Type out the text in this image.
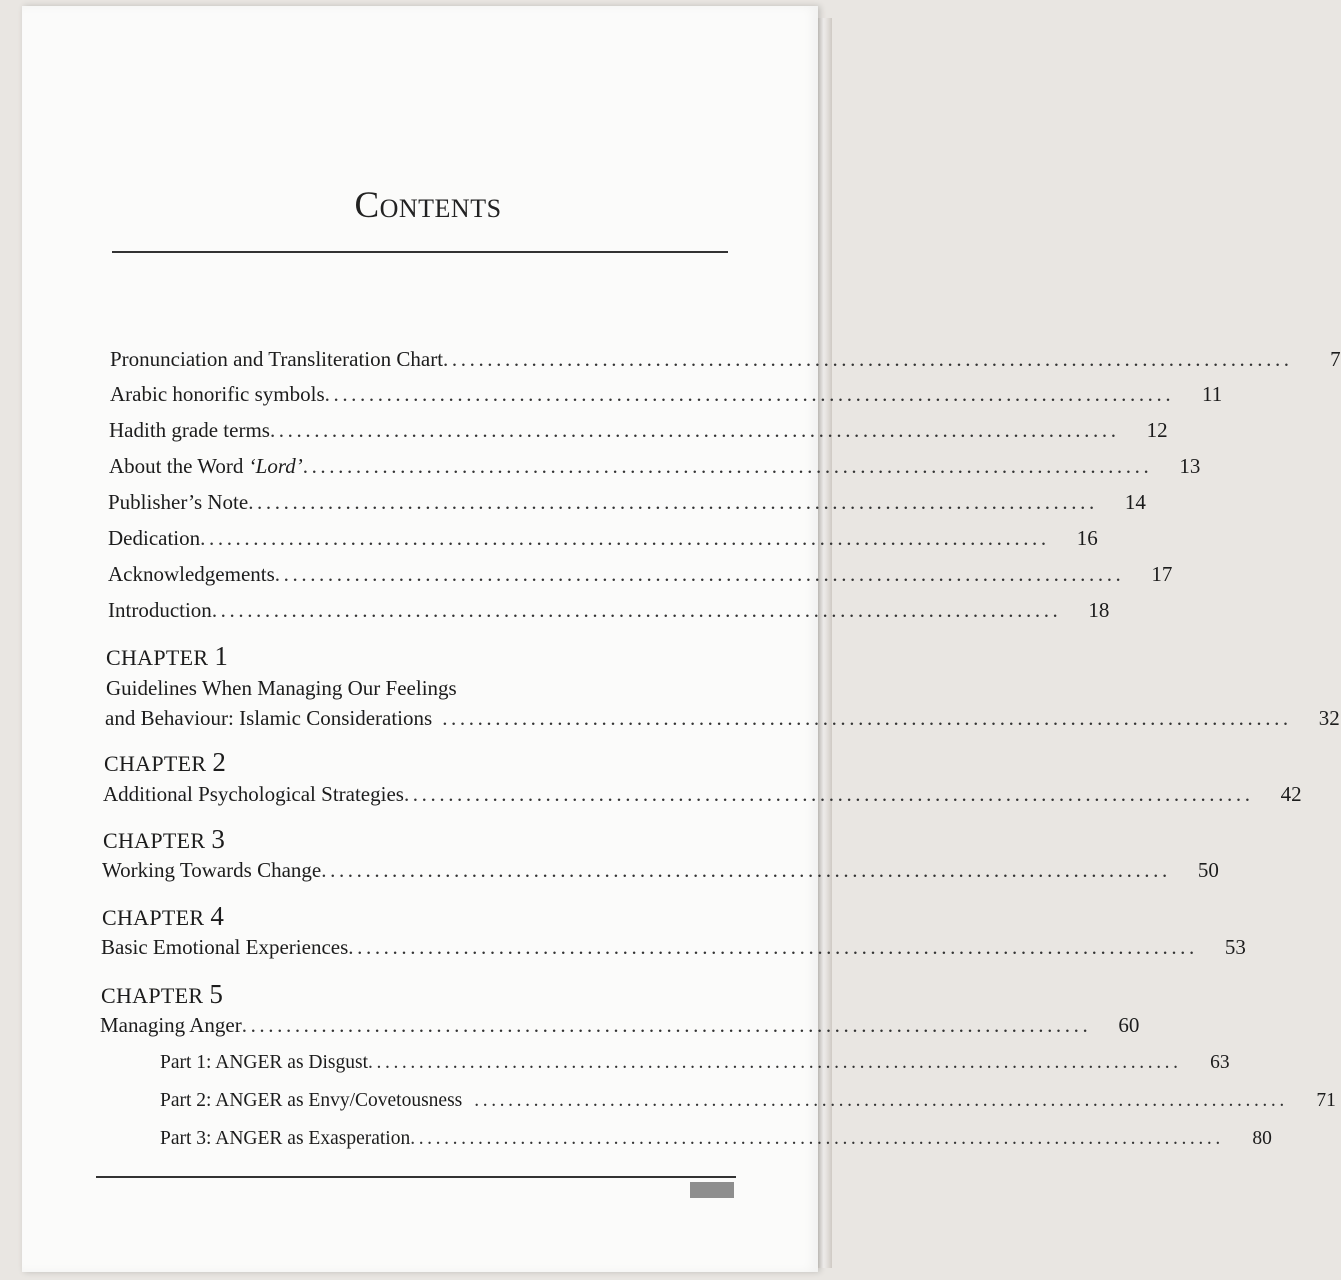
Contents
Pronunciation and Transliteration Chart ................................................................................................	7
Arabic honorific symbols ................................................................................................	11
Hadith grade terms ................................................................................................	12
About the Word ‘Lord’ ................................................................................................	13
Publisher’s Note ................................................................................................	14
Dedication ................................................................................................	16
Acknowledgements ................................................................................................	17
Introduction ................................................................................................	18
CHAPTER 1
Guidelines When Managing Our Feelings
and Behaviour: Islamic Considerations ................................................................................................	32
CHAPTER 2
Additional Psychological Strategies ................................................................................................	42
CHAPTER 3
Working Towards Change ................................................................................................	50
CHAPTER 4
Basic Emotional Experiences ................................................................................................	53
CHAPTER 5
Managing Anger ................................................................................................	60
Part 1: ANGER as Disgust ................................................................................................	63
Part 2: ANGER as Envy/Covetousness ................................................................................................	71
Part 3: ANGER as Exasperation ................................................................................................	80
